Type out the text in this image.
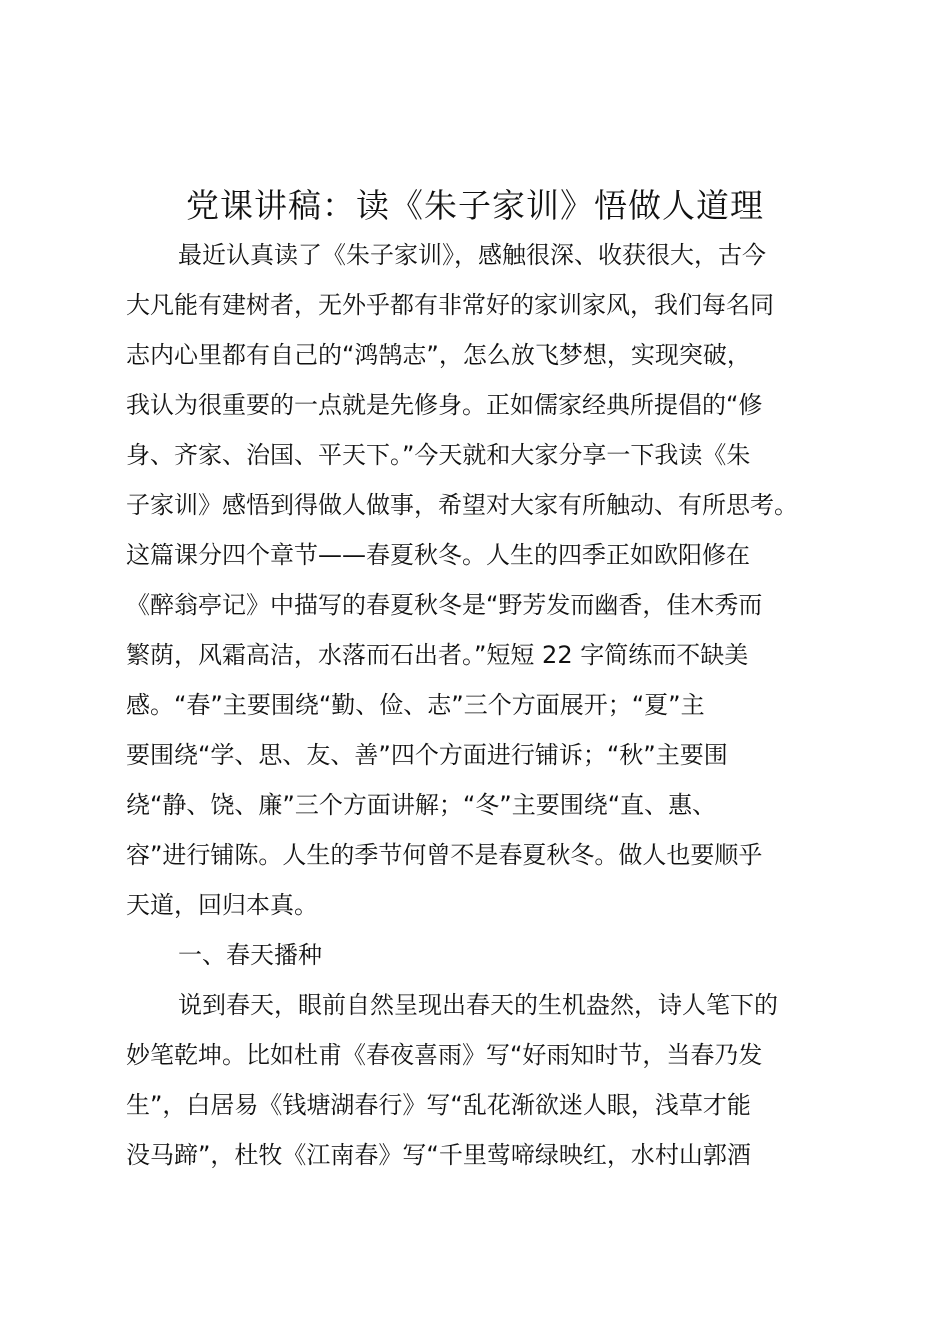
党课讲稿：读《朱子家训》悟做人道理
最近认真读了《朱子家训》，感触很深、收获很大，古今
大凡能有建树者，无外乎都有非常好的家训家风，我们每名同
志内心里都有自己的“鸿鹄志”，怎么放飞梦想，实现突破，
我认为很重要的一点就是先修身。正如儒家经典所提倡的“修
身、齐家、治国、平天下。”今天就和大家分享一下我读《朱
子家训》感悟到得做人做事，希望对大家有所触动、有所思考。
这篇课分四个章节——春夏秋冬。人生的四季正如欧阳修在
《醉翁亭记》中描写的春夏秋冬是“野芳发而幽香，佳木秀而
繁荫，风霜高洁，水落而石出者。”短短 22 字简练而不缺美
感。“春”主要围绕“勤、俭、志”三个方面展开；“夏”主
要围绕“学、思、友、善”四个方面进行铺诉；“秋”主要围
绕“静、饶、廉”三个方面讲解；“冬”主要围绕“直、惠、
容”进行铺陈。人生的季节何曾不是春夏秋冬。做人也要顺乎
天道，回归本真。
一、春天播种
说到春天，眼前自然呈现出春天的生机盎然，诗人笔下的
妙笔乾坤。比如杜甫《春夜喜雨》写“好雨知时节，当春乃发
生”，白居易《钱塘湖春行》写“乱花渐欲迷人眼，浅草才能
没马蹄”，杜牧《江南春》写“千里莺啼绿映红，水村山郭酒
